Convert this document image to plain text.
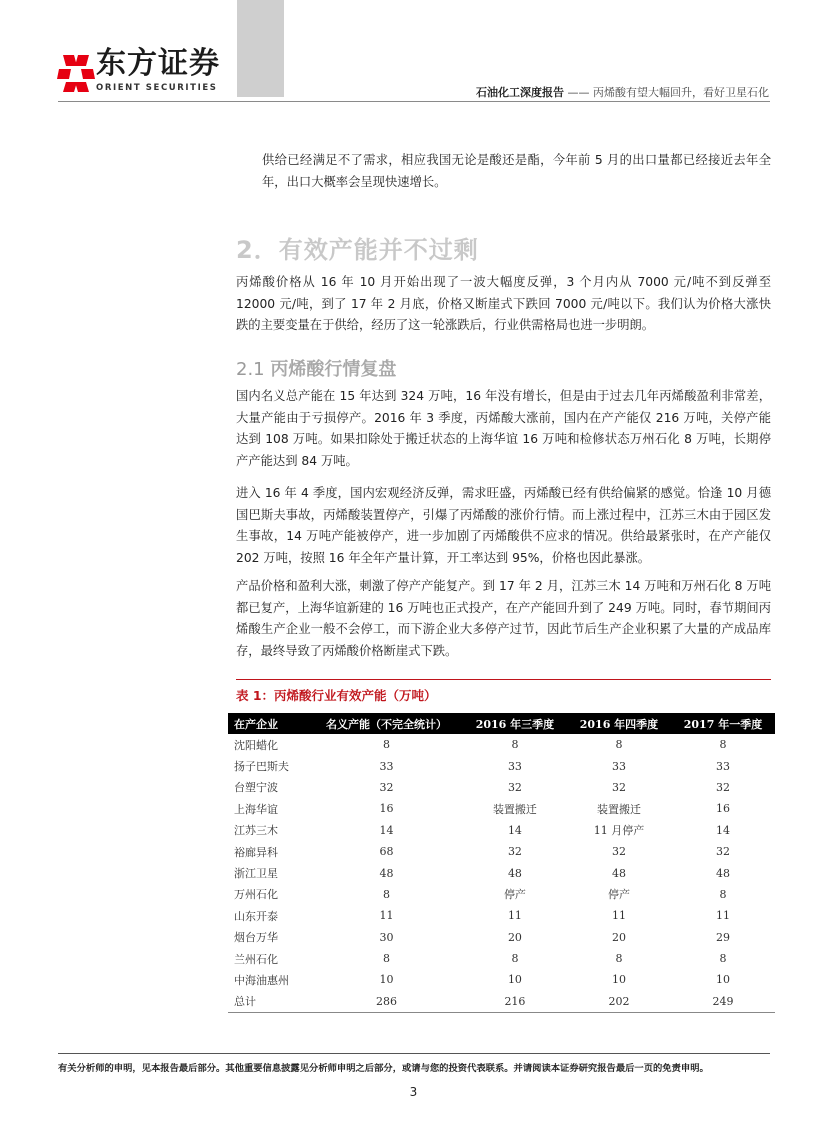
东方证券
ORIENT SECURITIES	石油化工深度报告 —— 丙烯酸有望大幅回升，看好卫星石化

供给已经满足不了需求，相应我国无论是酸还是酯，今年前 5 月的出口量都已经接近去年全年，出口大概率会呈现快速增长。

2．有效产能并不过剩

丙烯酸价格从 16 年 10 月开始出现了一波大幅度反弹，3 个月内从 7000 元/吨不到反弹至 12000 元/吨，到了 17 年 2 月底，价格又断崖式下跌回 7000 元/吨以下。我们认为价格大涨快跌的主要变量在于供给，经历了这一轮涨跌后，行业供需格局也进一步明朗。

2.1 丙烯酸行情复盘

国内名义总产能在 15 年达到 324 万吨，16 年没有增长，但是由于过去几年丙烯酸盈利非常差，大量产能由于亏损停产。2016 年 3 季度，丙烯酸大涨前，国内在产产能仅 216 万吨，关停产能达到 108 万吨。如果扣除处于搬迁状态的上海华谊 16 万吨和检修状态万州石化 8 万吨，长期停产产能达到 84 万吨。

进入 16 年 4 季度，国内宏观经济反弹，需求旺盛，丙烯酸已经有供给偏紧的感觉。恰逢 10 月德国巴斯夫事故，丙烯酸装置停产，引爆了丙烯酸的涨价行情。而上涨过程中，江苏三木由于园区发生事故，14 万吨产能被停产，进一步加剧了丙烯酸供不应求的情况。供给最紧张时，在产产能仅 202 万吨，按照 16 年全年产量计算，开工率达到 95%，价格也因此暴涨。

产品价格和盈利大涨，刺激了停产产能复产。到 17 年 2 月，江苏三木 14 万吨和万州石化 8 万吨都已复产，上海华谊新建的 16 万吨也正式投产，在产产能回升到了 249 万吨。同时，春节期间丙烯酸生产企业一般不会停工，而下游企业大多停产过节，因此节后生产企业积累了大量的产成品库存，最终导致了丙烯酸价格断崖式下跌。

表 1：丙烯酸行业有效产能（万吨）
在产企业	名义产能（不完全统计）	2016 年三季度	2016 年四季度	2017 年一季度
沈阳蜡化	8	8	8	8
扬子巴斯夫	33	33	33	33
台塑宁波	32	32	32	32
上海华谊	16	装置搬迁	装置搬迁	16
江苏三木	14	14	11 月停产	14
裕廊异科	68	32	32	32
浙江卫星	48	48	48	48
万州石化	8	停产	停产	8
山东开泰	11	11	11	11
烟台万华	30	20	20	29
兰州石化	8	8	8	8
中海油惠州	10	10	10	10
总计	286	216	202	249
有关分析师的申明，见本报告最后部分。其他重要信息披露见分析师申明之后部分，或请与您的投资代表联系。并请阅读本证券研究报告最后一页的免责申明。
3
